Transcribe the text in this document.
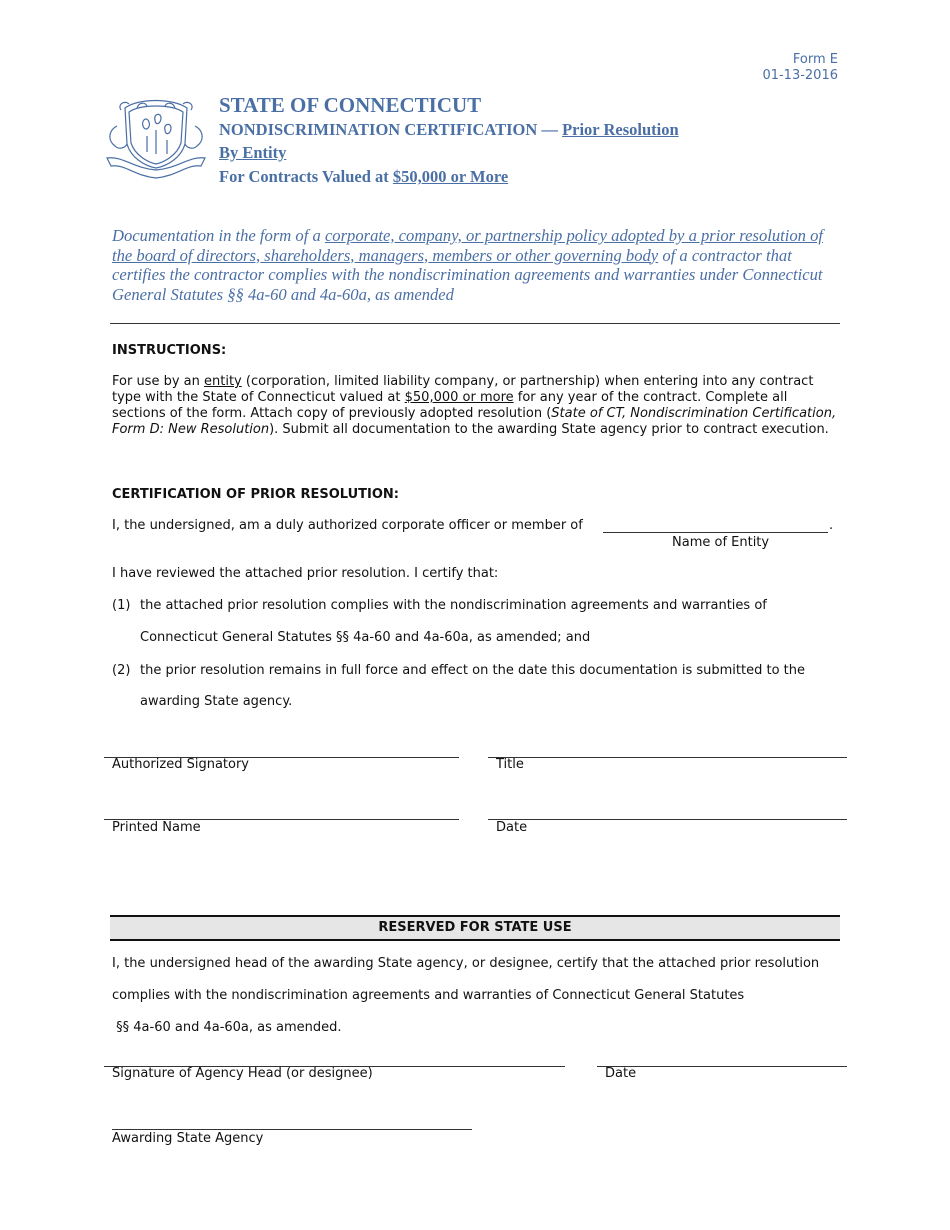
Form E
01-13-2016
STATE OF CONNECTICUT
NONDISCRIMINATION CERTIFICATION — Prior Resolution
By Entity
For Contracts Valued at $50,000 or More
Documentation in the form of a corporate, company, or partnership policy adopted by a prior resolution of the board of directors, shareholders, managers, members or other governing body of a contractor that certifies the contractor complies with the nondiscrimination agreements and warranties under Connecticut General Statutes §§ 4a-60 and 4a-60a, as amended
INSTRUCTIONS:
For use by an entity (corporation, limited liability company, or partnership) when entering into any contract type with the State of Connecticut valued at $50,000 or more for any year of the contract. Complete all sections of the form. Attach copy of previously adopted resolution (State of CT, Nondiscrimination Certification, Form D: New Resolution). Submit all documentation to the awarding State agency prior to contract execution.
CERTIFICATION OF PRIOR RESOLUTION:
I, the undersigned, am a duly authorized corporate officer or member of	.
Name of Entity
I have reviewed the attached prior resolution. I certify that:
(1) the attached prior resolution complies with the nondiscrimination agreements and warranties of
Connecticut General Statutes §§ 4a-60 and 4a-60a, as amended; and
(2) the prior resolution remains in full force and effect on the date this documentation is submitted to the
awarding State agency.
Authorized Signatory	Title
Printed Name	Date
RESERVED FOR STATE USE
I, the undersigned head of the awarding State agency, or designee, certify that the attached prior resolution
complies with the nondiscrimination agreements and warranties of Connecticut General Statutes
§§ 4a-60 and 4a-60a, as amended.
Signature of Agency Head (or designee)	Date
Awarding State Agency
